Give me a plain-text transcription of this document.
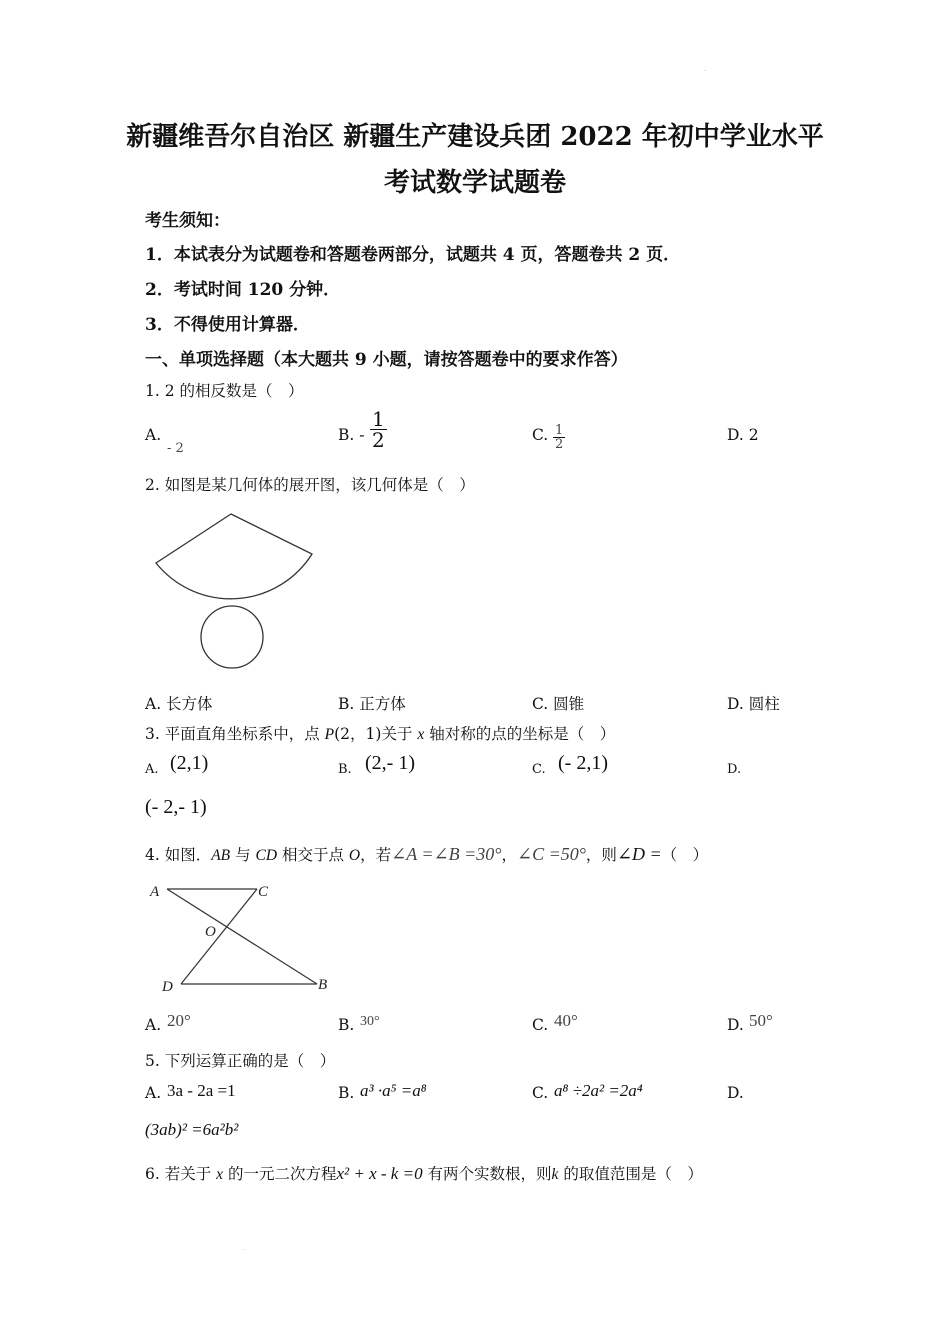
新疆维吾尔自治区 新疆生产建设兵团 2022 年初中学业水平
考试数学试题卷
考生须知：
1．本试表分为试题卷和答题卷两部分，试题共 4 页，答题卷共 2 页．
2．考试时间 120 分钟．
3．不得使用计算器．
一、单项选择题（本大题共 9 小题，请按答题卷中的要求作答）
1. 2 的相反数是（　）
A.
- 2
B. - $\frac{1}{2}$	C. $\frac{1}{2}$	D. 2
2. 如图是某几何体的展开图，该几何体是（　）
A. 长方体	B. 正方体	C. 圆锥	D. 圆柱
3. 平面直角坐标系中，点 P(2，1)关于 x 轴对称的点的坐标是（　）
A. (2,1)	B. (2,- 1)	C. (- 2,1)	D.
(- 2,- 1)
4. 如图．AB 与 CD 相交于点 O，若∠A =∠B =30°，∠C =50°，则∠D =（　）
A	C
O
D	B
A. 20°	B. 30°	C. 40°	D. 50°
5. 下列运算正确的是（　）
A. 3a - 2a =1	B. a³ ·a⁵ =a⁸	C. a⁸ ÷2a² =2a⁴	D.
(3ab)² =6a²b²
6. 若关于 x 的一元二次方程x² + x - k =0 有两个实数根，则k 的取值范围是（　）
.
.
